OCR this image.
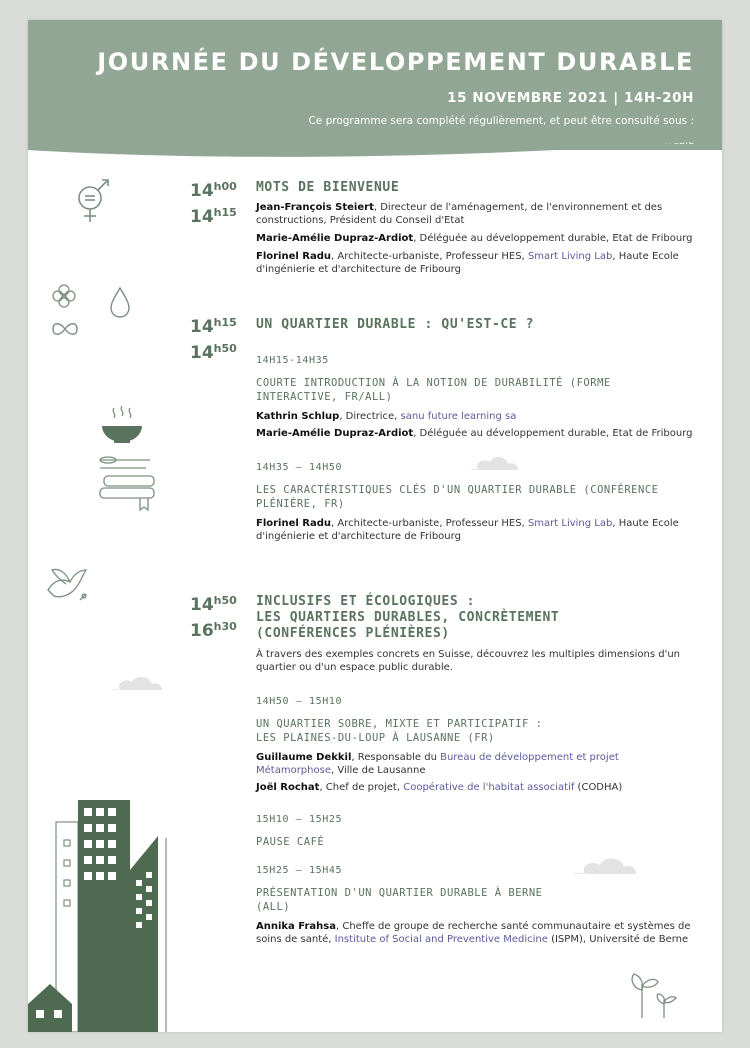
JOURNÉE DU DÉVELOPPEMENT DURABLE
15 NOVEMBRE 2021 | 14H-20H
Ce programme sera complété régulièrement, et peut être consulté sous :
$14^{h00}$
$14^{h15}$
MOTS DE BIENVENUE

Jean-François Steiert, Directeur de l'aménagement, de l'environnement et des constructions, Président du Conseil d'Etat

Marie-Amélie Dupraz-Ardiot, Déléguée au développement durable, Etat de Fribourg

Florinel Radu, Architecte-urbaniste, Professeur HES, Smart Living Lab, Haute Ecole d'ingénierie et d'architecture de Fribourg

$14^{h15}$
$14^{h50}$
UN QUARTIER DURABLE : QU'EST-CE ?
14H15-14H35
COURTE INTRODUCTION À LA NOTION DE DURABILITÉ (FORME INTERACTIVE, FR/ALL)

Kathrin Schlup, Directrice, sanu future learning sa

Marie-Amélie Dupraz-Ardiot, Déléguée au développement durable, Etat de Fribourg

14H35 – 14H50
LES CARACTÉRISTIQUES CLÉS D'UN QUARTIER DURABLE (CONFÉRENCE PLÉNIÈRE, FR)

Florinel Radu, Architecte-urbaniste, Professeur HES, Smart Living Lab, Haute Ecole d'ingénierie et d'architecture de Fribourg

$14^{h50}$
$16^{h30}$
INCLUSIFS ET ÉCOLOGIQUES :
LES QUARTIERS DURABLES, CONCRÈTEMENT
(CONFÉRENCES PLÉNIÈRES)

À travers des exemples concrets en Suisse, découvrez les multiples dimensions d'un quartier ou d'un espace public durable.

14H50 – 15H10
UN QUARTIER SOBRE, MIXTE ET PARTICIPATIF :
LES PLAINES-DU-LOUP À LAUSANNE (FR)

Guillaume Dekkil, Responsable du Bureau de développement et projet Métamorphose, Ville de Lausanne

Joël Rochat, Chef de projet, Coopérative de l'habitat associatif (CODHA)

15H10 – 15H25
PAUSE CAFÉ
15H25 – 15H45
PRÉSENTATION D'UN QUARTIER DURABLE À BERNE
(ALL)

Annika Frahsa, Cheffe de groupe de recherche santé communautaire et systèmes de soins de santé, Institute of Social and Preventive Medicine (ISPM), Université de Berne
